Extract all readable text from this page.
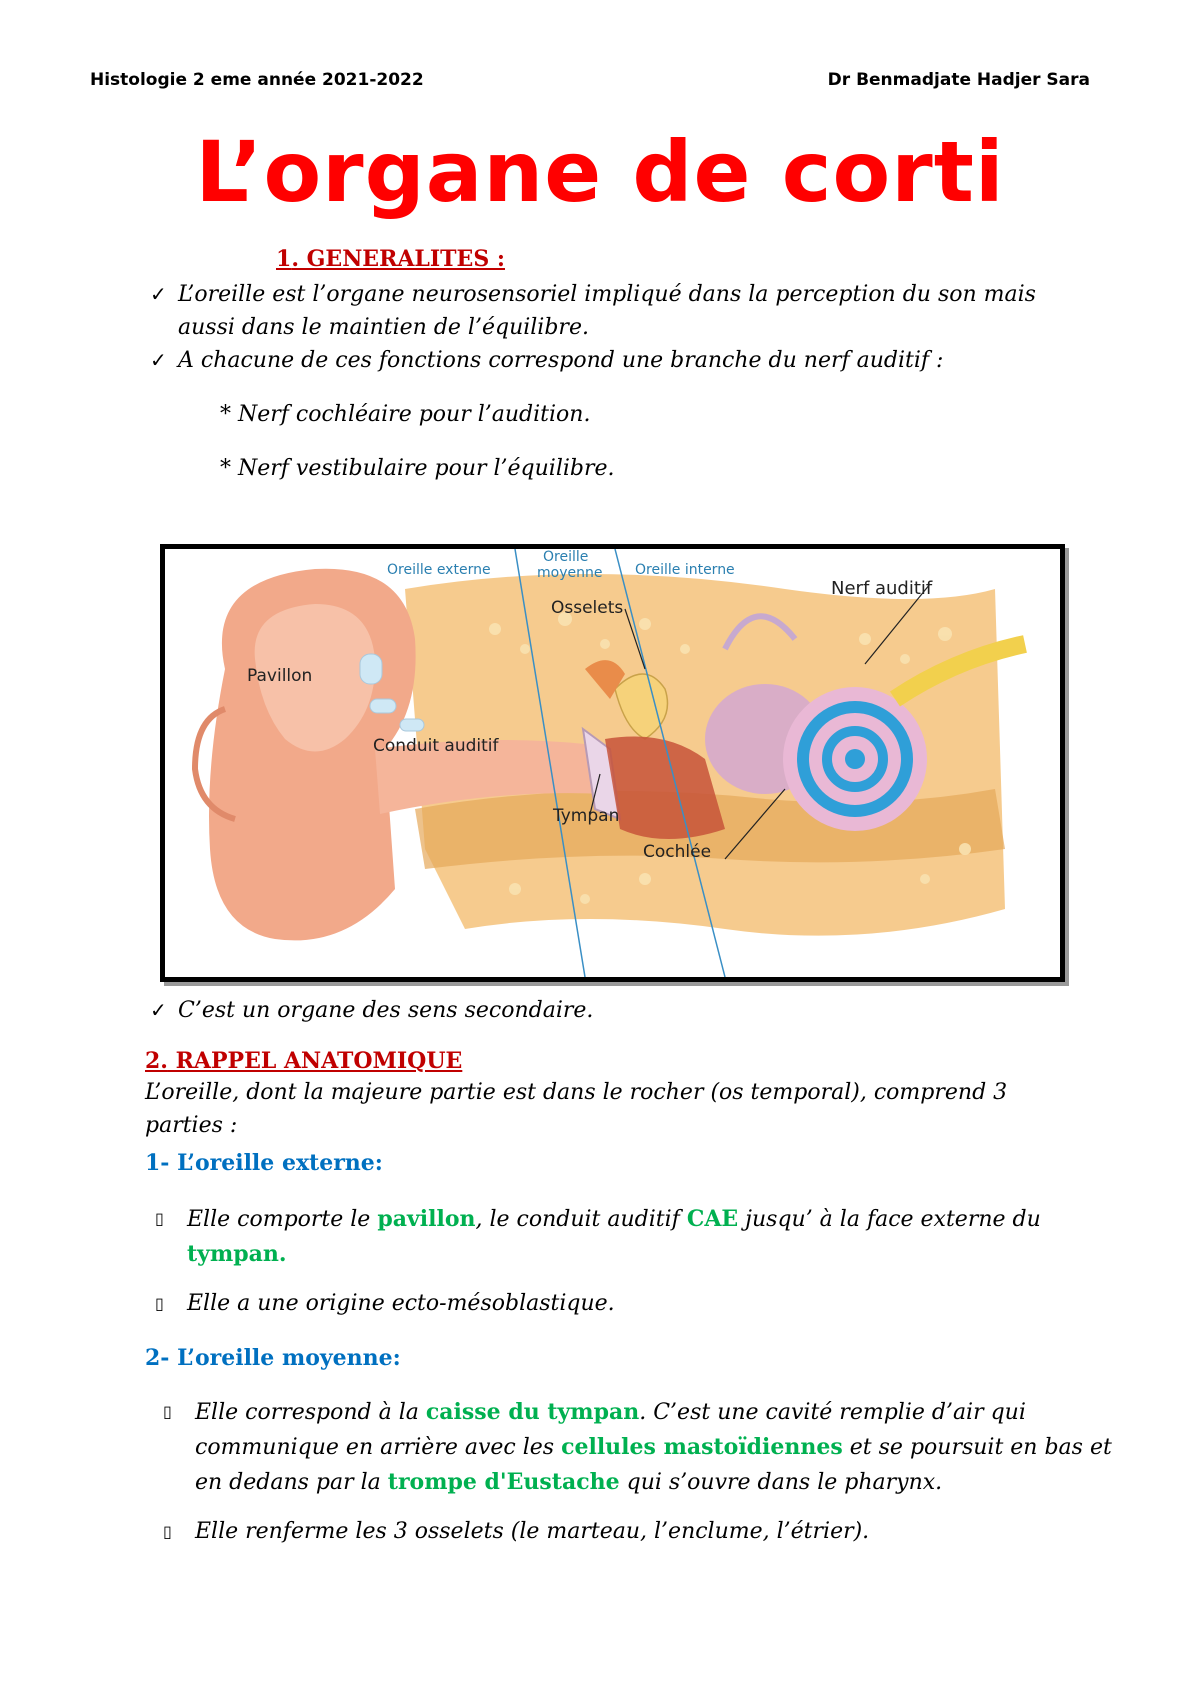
Histologie 2 eme année 2021-2022	Dr Benmadjate Hadjer Sara
L’organe de corti
1. GENERALITES :
✓ L’oreille est l’organe neurosensoriel impliqué dans la perception du son mais aussi dans le maintien de l’équilibre.
✓ A chacune de ces fonctions correspond une branche du nerf auditif :
* Nerf cochléaire pour l’audition.
* Nerf vestibulaire pour l’équilibre.
Oreille externe
Oreille
moyenne Oreille interne
Nerf auditif
Osselets
Pavillon
Conduit auditif
Tympan
Cochlée
✓ C’est un organe des sens secondaire.
2. RAPPEL ANATOMIQUE
L’oreille, dont la majeure partie est dans le rocher (os temporal), comprend 3 parties :
1- L’oreille externe:
▯ Elle comporte le pavillon, le conduit auditif CAE jusqu’ à la face externe du tympan.
▯ Elle a une origine ecto-mésoblastique.
2- L’oreille moyenne:
▯ Elle correspond à la caisse du tympan. C’est une cavité remplie d’air qui communique en arrière avec les cellules mastoïdiennes et se poursuit en bas et en dedans par la trompe d'Eustache qui s’ouvre dans le pharynx.
▯ Elle renferme les 3 osselets (le marteau, l’enclume, l’étrier).
